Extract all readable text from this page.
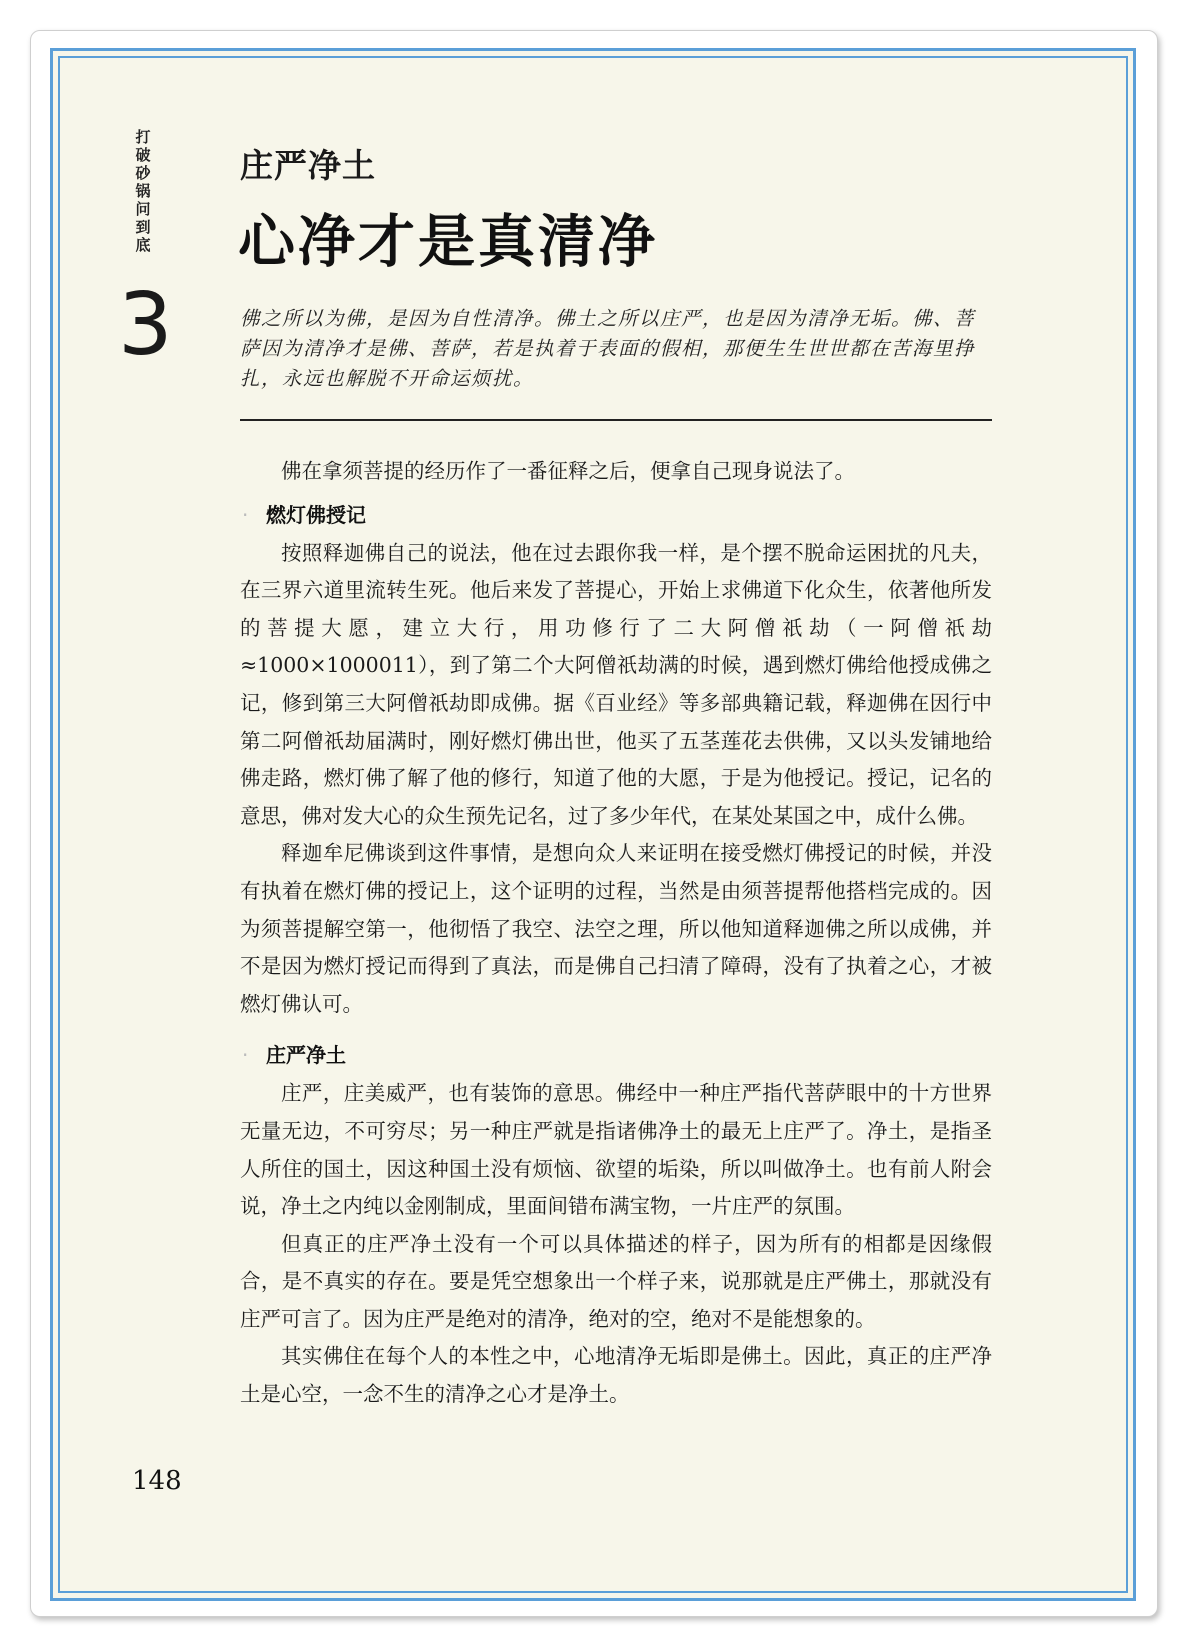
打破砂锅问到底
3
庄严净土
心净才是真清净
佛之所以为佛，是因为自性清净。佛土之所以庄严，也是因为清净无垢。佛、菩萨因为清净才是佛、菩萨，若是执着于表面的假相，那便生生世世都在苦海里挣扎，永远也解脱不开命运烦扰。

佛在拿须菩提的经历作了一番征释之后，便拿自己现身说法了。

· 燃灯佛授记

按照释迦佛自己的说法，他在过去跟你我一样，是个摆不脱命运困扰的凡夫，在三界六道里流转生死。他后来发了菩提心，开始上求佛道下化众生，依著他所发的菩提大愿，建立大行，用功修行了二大阿僧祇劫（一阿僧祇劫≈1000×1000011），到了第二个大阿僧祇劫满的时候，遇到燃灯佛给他授成佛之记，修到第三大阿僧祇劫即成佛。据《百业经》等多部典籍记载，释迦佛在因行中第二阿僧祇劫届满时，刚好燃灯佛出世，他买了五茎莲花去供佛，又以头发铺地给佛走路，燃灯佛了解了他的修行，知道了他的大愿，于是为他授记。授记，记名的意思，佛对发大心的众生预先记名，过了多少年代，在某处某国之中，成什么佛。

释迦牟尼佛谈到这件事情，是想向众人来证明在接受燃灯佛授记的时候，并没有执着在燃灯佛的授记上，这个证明的过程，当然是由须菩提帮他搭档完成的。因为须菩提解空第一，他彻悟了我空、法空之理，所以他知道释迦佛之所以成佛，并不是因为燃灯授记而得到了真法，而是佛自己扫清了障碍，没有了执着之心，才被燃灯佛认可。

· 庄严净土

庄严，庄美威严，也有装饰的意思。佛经中一种庄严指代菩萨眼中的十方世界无量无边，不可穷尽；另一种庄严就是指诸佛净土的最无上庄严了。净土，是指圣人所住的国土，因这种国土没有烦恼、欲望的垢染，所以叫做净土。也有前人附会说，净土之内纯以金刚制成，里面间错布满宝物，一片庄严的氛围。

但真正的庄严净土没有一个可以具体描述的样子，因为所有的相都是因缘假合，是不真实的存在。要是凭空想象出一个样子来，说那就是庄严佛土，那就没有庄严可言了。因为庄严是绝对的清净，绝对的空，绝对不是能想象的。

其实佛住在每个人的本性之中，心地清净无垢即是佛土。因此，真正的庄严净土是心空，一念不生的清净之心才是净土。

148
